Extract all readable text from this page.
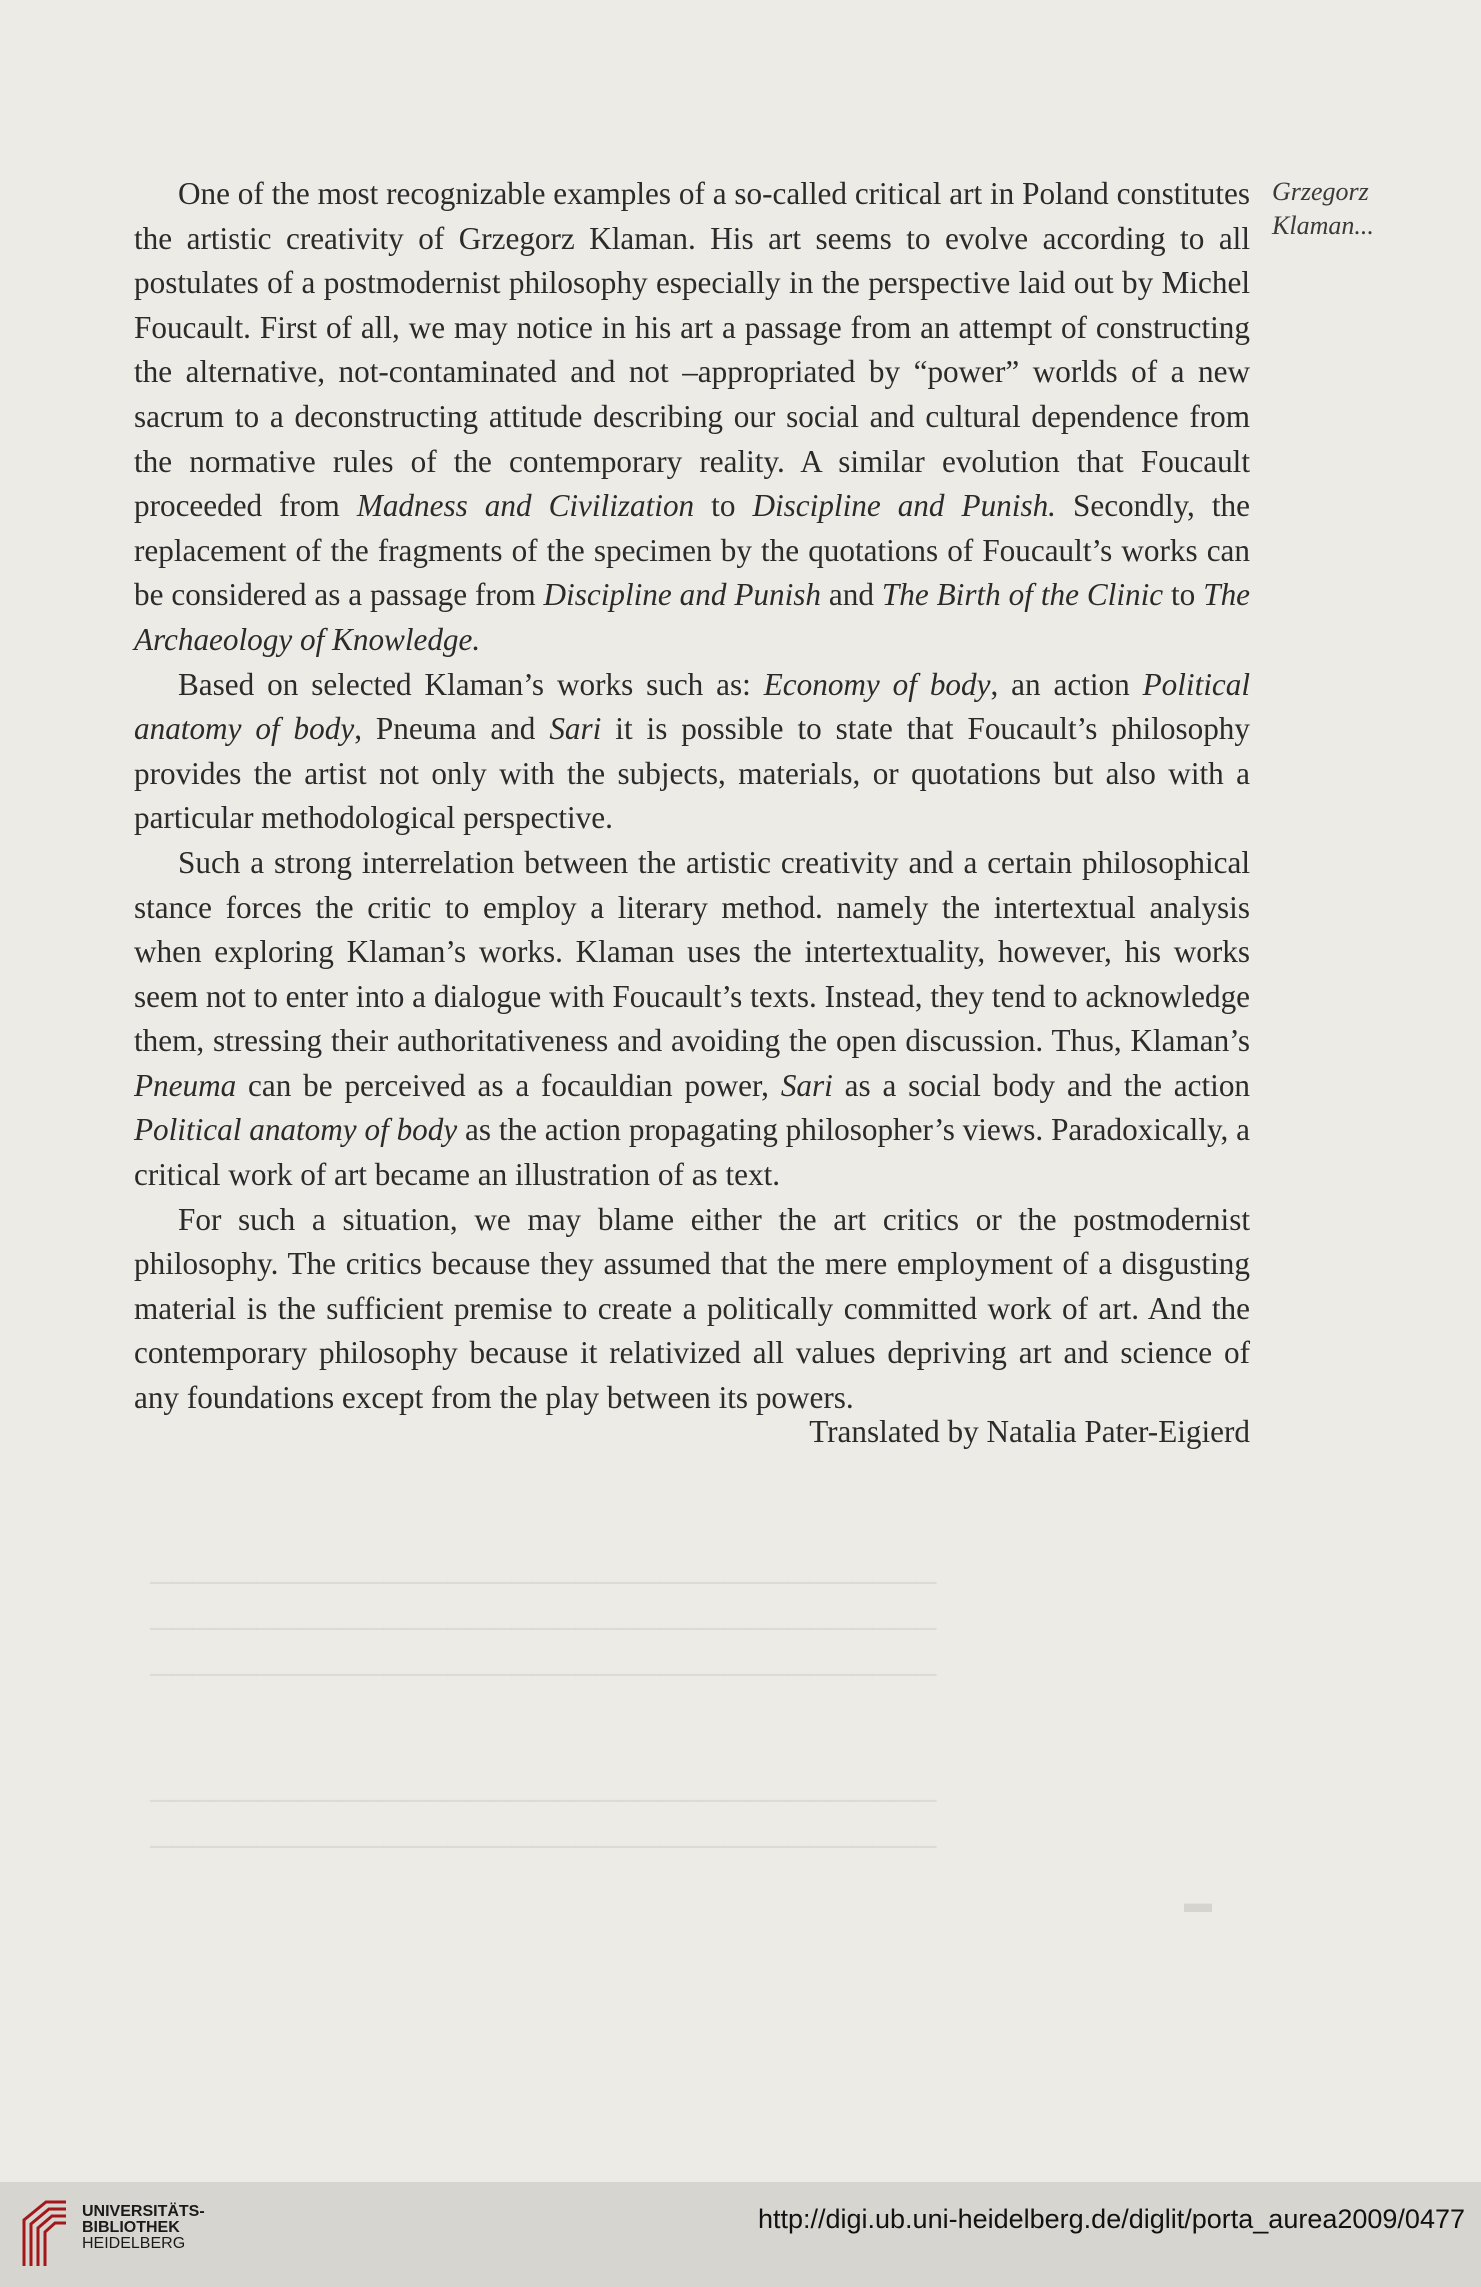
Grzegorz
Klaman...

One of the most recognizable examples of a so-called critical art in Poland constitutes the artistic creativity of Grzegorz Klaman. His art seems to evolve according to all postulates of a postmodernist philosophy especially in the perspective laid out by Michel Foucault. First of all, we may notice in his art a passage from an attempt of constructing the alternative, not-contaminated and not –appropriated by “power” worlds of a new sacrum to a deconstructing attitude describing our social and cultural dependence from the normative rules of the contemporary reality. A similar evolution that Foucault proceeded from Madness and Civilization to Discipline and Punish. Secondly, the replacement of the fragments of the specimen by the quotations of Foucault’s works can be considered as a passage from Discipline and Punish and The Birth of the Clinic to The Archaeology of Knowledge.

Based on selected Klaman’s works such as: Economy of body, an action Political anatomy of body, Pneuma and Sari it is possible to state that Foucault’s philosophy provides the artist not only with the subjects, materials, or quotations but also with a particular methodological perspective.

Such a strong interrelation between the artistic creativity and a certain philosophical stance forces the critic to employ a literary method. namely the intertextual analysis when exploring Klaman’s works. Klaman uses the intertextuality, however, his works seem not to enter into a dialogue with Foucault’s texts. Instead, they tend to acknowledge them, stressing their authoritativeness and avoiding the open discussion. Thus, Klaman’s Pneuma can be perceived as a focauldian power, Sari as a social body and the action Political anatomy of body as the action propagating philosopher’s views. Paradoxically, a critical work of art became an illustration of as text.

For such a situation, we may blame either the art critics or the postmodernist philosophy. The critics because they assumed that the mere employment of a disgusting material is the sufficient premise to create a politically committed work of art. And the contemporary philosophy because it relativized all values depriving art and science of any foundations except from the play between its powers.

Translated by Natalia Pater-Eigierd

─────────────────────────────────────
─────────────────────────────────────
─────────────────────────────────────
─────────────────────────────────────
─────────────────────────────────────
▬
UNIVERSITÄTS-
BIBLIOTHEK
HEIDELBERG
http://digi.ub.uni-heidelberg.de/diglit/porta_aurea2009/0477
